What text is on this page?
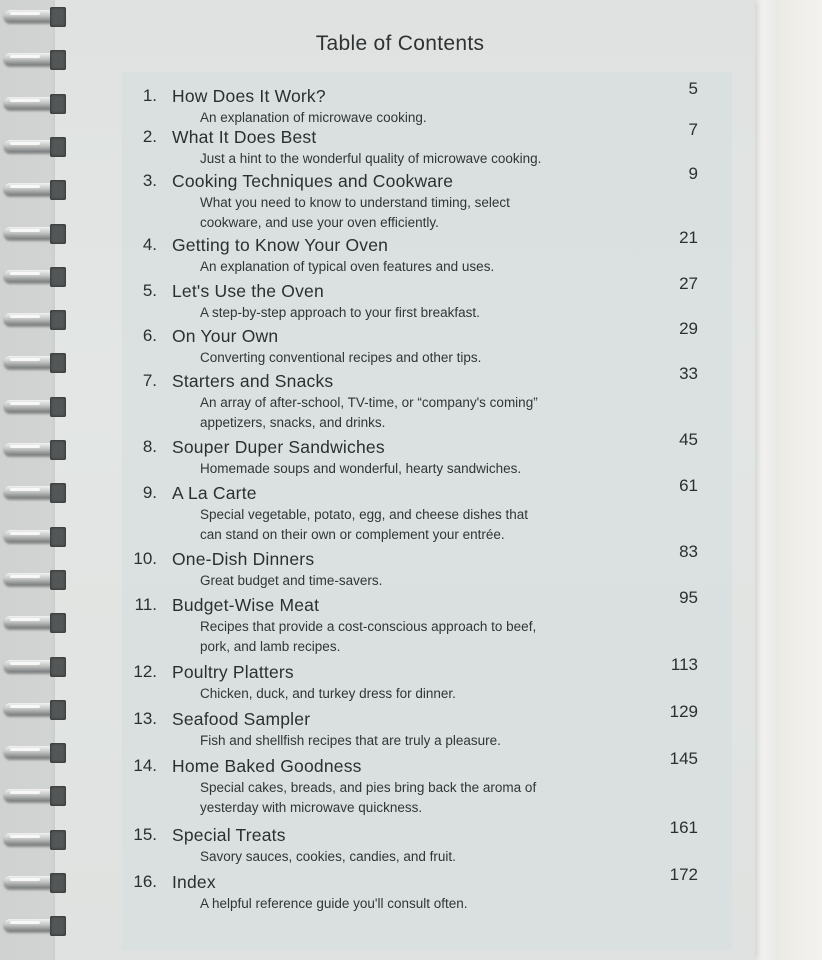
Table of Contents
1. How Does It Work?	5
An explanation of microwave cooking.
2. What It Does Best	7
Just a hint to the wonderful quality of microwave cooking.
3. Cooking Techniques and Cookware	9
What you need to know to understand timing, select
cookware, and use your oven efficiently.
4. Getting to Know Your Oven	21
An explanation of typical oven features and uses.
5. Let's Use the Oven	27
A step-by-step approach to your first breakfast.
6. On Your Own	29
Converting conventional recipes and other tips.
7. Starters and Snacks	33
An array of after-school, TV-time, or “company's coming”
appetizers, snacks, and drinks.
8. Souper Duper Sandwiches	45
Homemade soups and wonderful, hearty sandwiches.
9. A La Carte	61
Special vegetable, potato, egg, and cheese dishes that
can stand on their own or complement your entrée.
10. One-Dish Dinners	83
Great budget and time-savers.
11. Budget-Wise Meat	95
Recipes that provide a cost-conscious approach to beef,
pork, and lamb recipes.
12. Poultry Platters	113
Chicken, duck, and turkey dress for dinner.
13. Seafood Sampler	129
Fish and shellfish recipes that are truly a pleasure.
14. Home Baked Goodness	145
Special cakes, breads, and pies bring back the aroma of
yesterday with microwave quickness.
15. Special Treats	161
Savory sauces, cookies, candies, and fruit.
16. Index	172
A helpful reference guide you'll consult often.
